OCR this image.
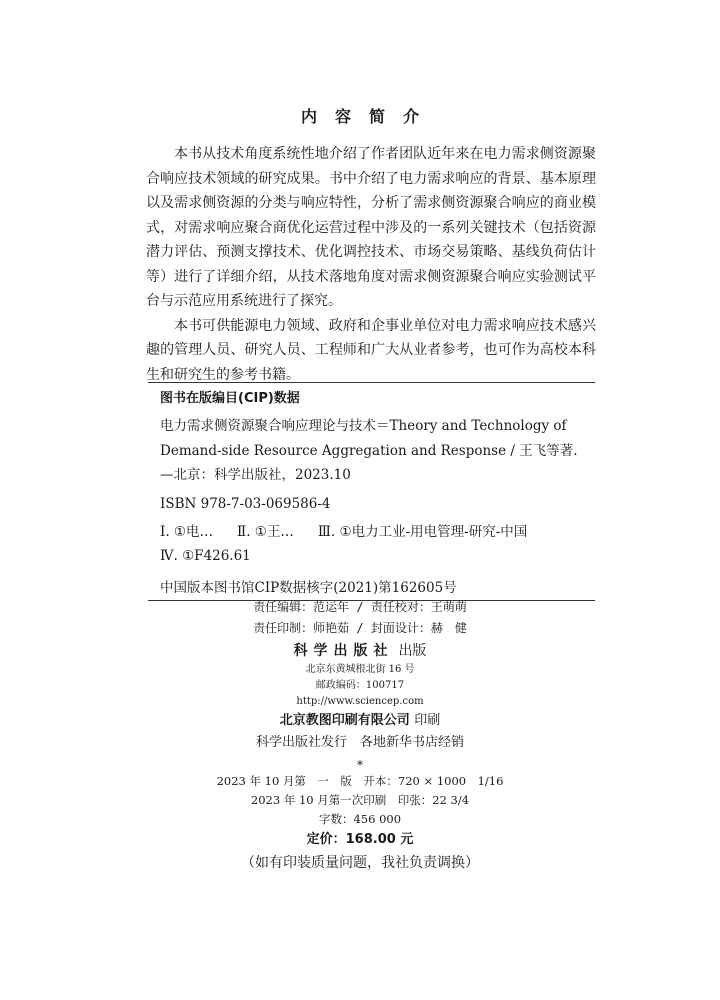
内容简介

本书从技术角度系统性地介绍了作者团队近年来在电力需求侧资源聚合响应技术领域的研究成果。书中介绍了电力需求响应的背景、基本原理以及需求侧资源的分类与响应特性，分析了需求侧资源聚合响应的商业模式，对需求响应聚合商优化运营过程中涉及的一系列关键技术（包括资源潜力评估、预测支撑技术、优化调控技术、市场交易策略、基线负荷估计等）进行了详细介绍，从技术落地角度对需求侧资源聚合响应实验测试平台与示范应用系统进行了探究。

本书可供能源电力领域、政府和企事业单位对电力需求响应技术感兴趣的管理人员、研究人员、工程师和广大从业者参考，也可作为高校本科生和研究生的参考书籍。

图书在版编目(CIP)数据
电力需求侧资源聚合响应理论与技术＝Theory and Technology of Demand-side Resource Aggregation and Response / 王飞等著. —北京：科学出版社，2023.10
ISBN 978-7-03-069586-4
Ⅰ. ①电… Ⅱ. ①王… Ⅲ. ①电力工业-用电管理-研究-中国
Ⅳ. ①F426.61
中国版本图书馆CIP数据核字(2021)第162605号
责任编辑：范运年 / 责任校对：王萌萌
责任印制：师艳茹 / 封面设计：赫　健
科学出版社 出版
北京东黄城根北街 16 号
邮政编码：100717
http://www.sciencep.com
北京教图印刷有限公司 印刷
科学出版社发行　各地新华书店经销
*
2023 年 10 月第　一　版　开本：720 × 1000　1/16
2023 年 10 月第一次印刷　印张：22 3/4
字数：456 000
定价：168.00 元
（如有印装质量问题，我社负责调换）
